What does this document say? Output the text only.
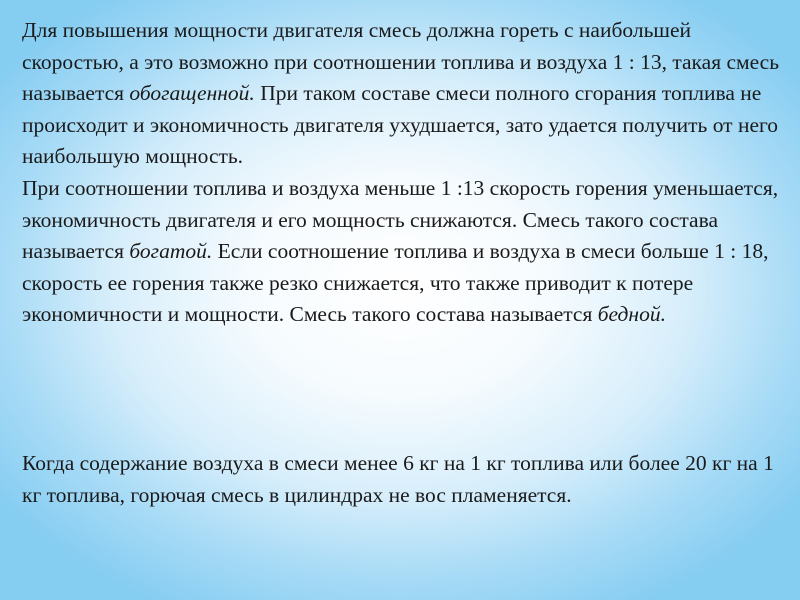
Для повышения мощности двигателя смесь должна гореть с наибольшей скоростью, а это возможно при соотношении топлива и воздуха 1 : 13, такая смесь называется обогащенной. При таком составе смеси полного сгорания топлива не происходит и экономичность двигателя ухудшается, зато удается получить от него наибольшую мощность.

При соотношении топлива и воздуха меньше 1 :13 скорость горения уменьшается, экономичность двигателя и его мощность снижаются. Смесь такого состава называется богатой. Если соотношение топлива и воздуха в смеси больше 1 : 18, скорость ее горения также резко снижается, что также приводит к потере экономичности и мощности. Смесь такого состава называется бедной.

Когда содержание воздуха в смеси менее 6 кг на 1 кг топлива или более 20 кг на 1 кг топлива, горючая смесь в цилиндрах не вос пламеняется.
